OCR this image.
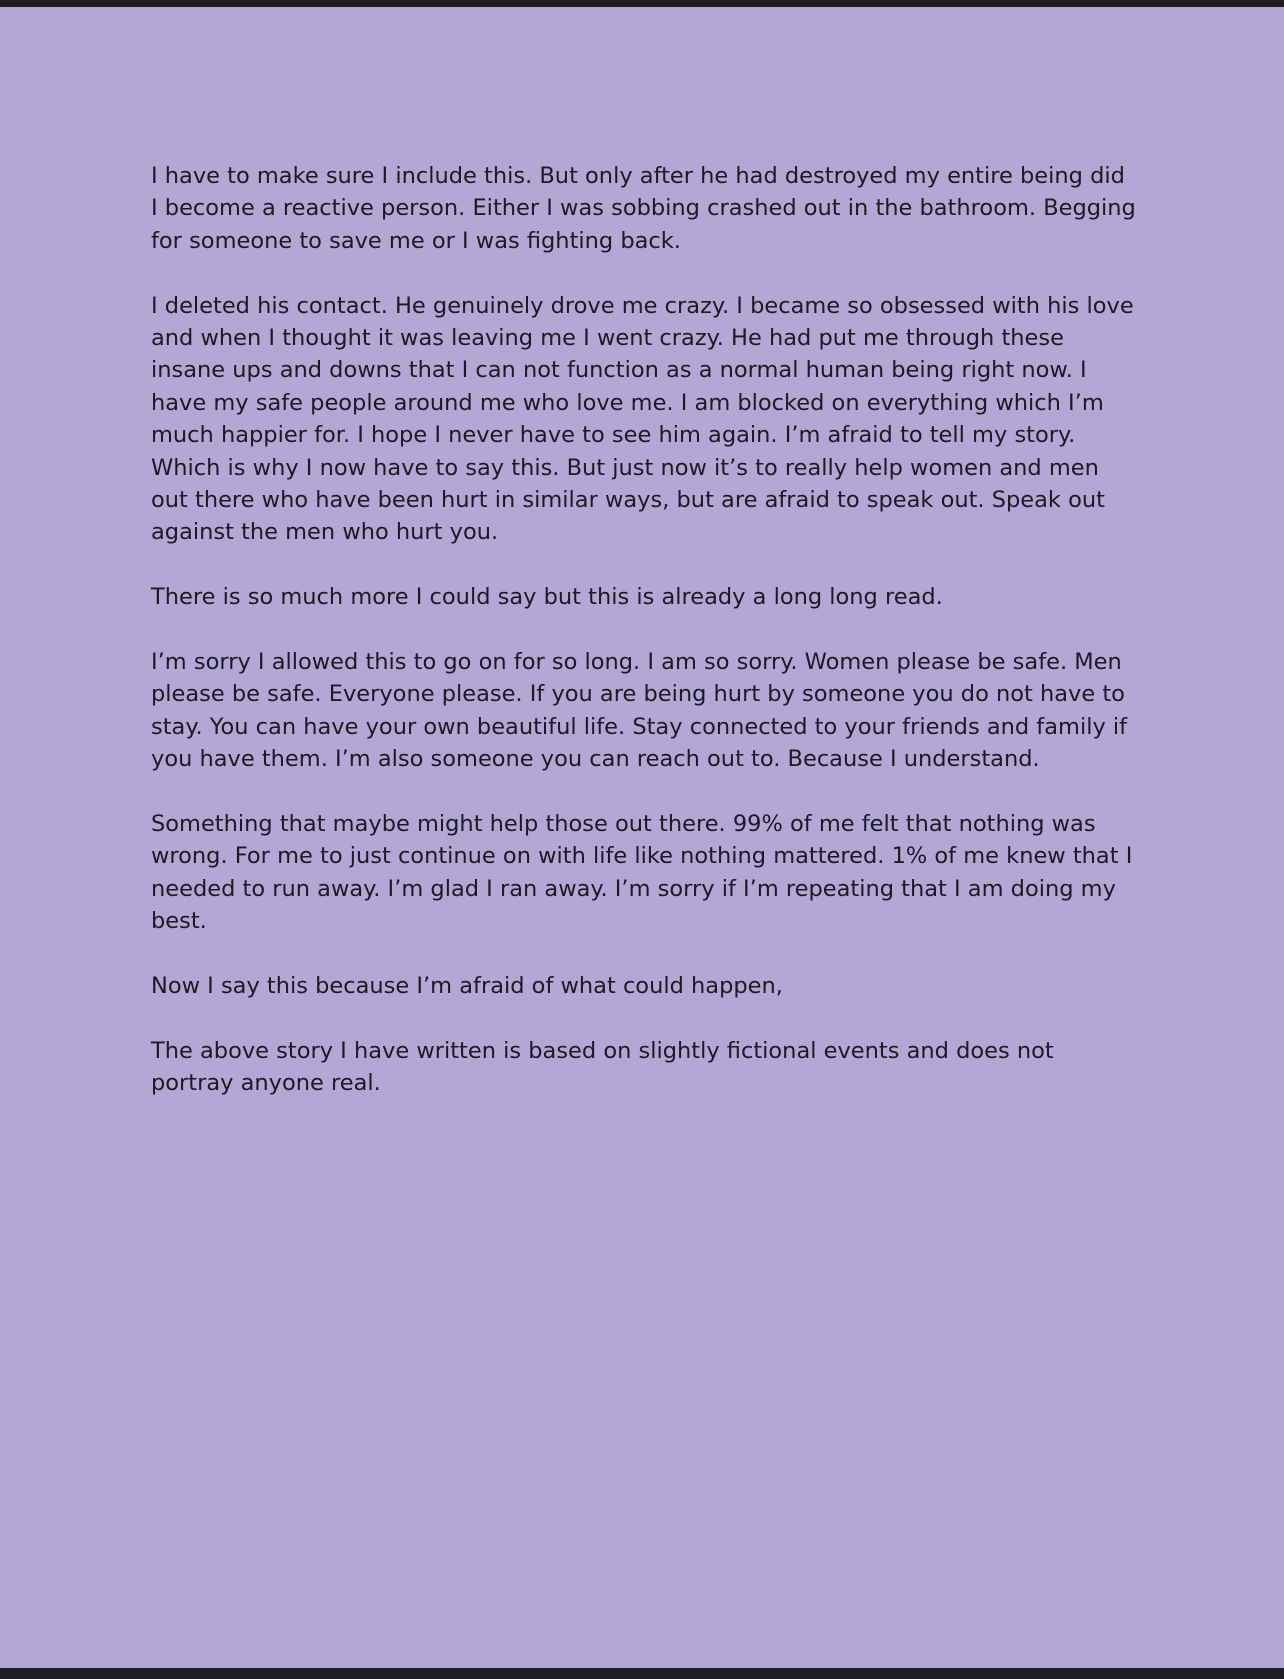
I have to make sure I include this. But only after he had destroyed my entire being did I become a reactive person. Either I was sobbing crashed out in the bathroom. Begging for someone to save me or I was fighting back.

I deleted his contact. He genuinely drove me crazy. I became so obsessed with his love and when I thought it was leaving me I went crazy. He had put me through these insane ups and downs that I can not function as a normal human being right now. I have my safe people around me who love me. I am blocked on everything which I’m much happier for. I hope I never have to see him again. I’m afraid to tell my story. Which is why I now have to say this. But just now it’s to really help women and men out there who have been hurt in similar ways, but are afraid to speak out. Speak out against the men who hurt you.

There is so much more I could say but this is already a long long read.

I’m sorry I allowed this to go on for so long. I am so sorry. Women please be safe. Men please be safe. Everyone please. If you are being hurt by someone you do not have to stay. You can have your own beautiful life. Stay connected to your friends and family if you have them. I’m also someone you can reach out to. Because I understand.

Something that maybe might help those out there. 99% of me felt that nothing was wrong. For me to just continue on with life like nothing mattered. 1% of me knew that I needed to run away. I’m glad I ran away. I’m sorry if I’m repeating that I am doing my best.

Now I say this because I’m afraid of what could happen,

The above story I have written is based on slightly fictional events and does not portray anyone real.
